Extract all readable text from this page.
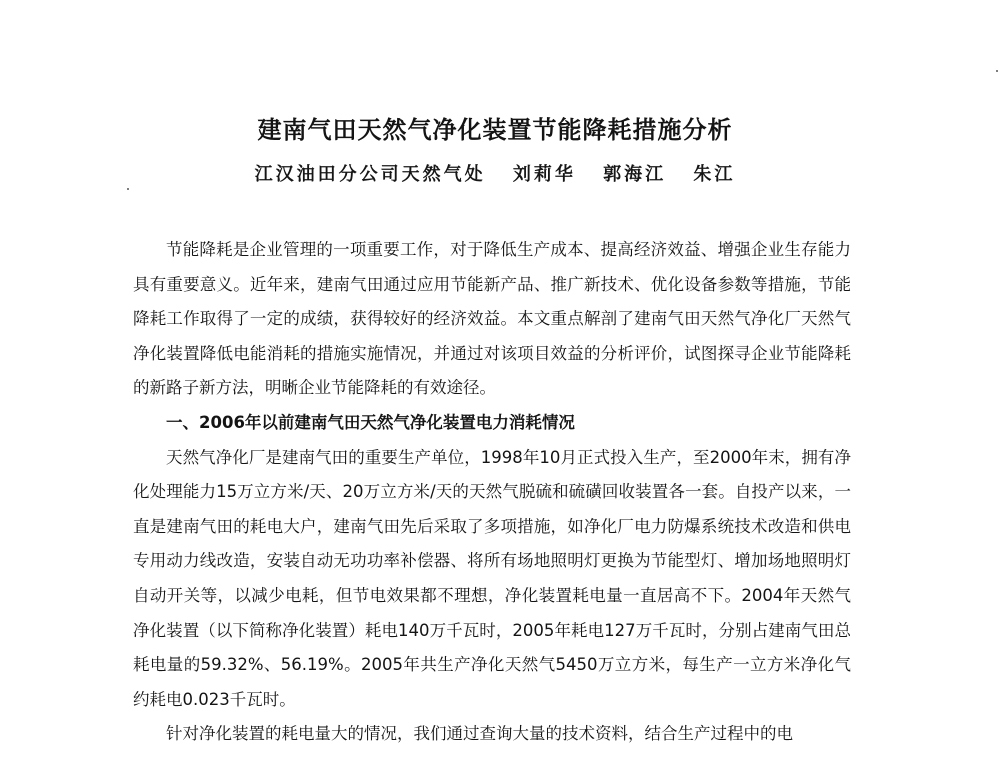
建南气田天然气净化装置节能降耗措施分析
江汉油田分公司天然气处 刘莉华 郭海江 朱江

节能降耗是企业管理的一项重要工作，对于降低生产成本、提高经济效益、增强企业生存能力具有重要意义。近年来，建南气田通过应用节能新产品、推广新技术、优化设备参数等措施，节能降耗工作取得了一定的成绩，获得较好的经济效益。本文重点解剖了建南气田天然气净化厂天然气净化装置降低电能消耗的措施实施情况，并通过对该项目效益的分析评价，试图探寻企业节能降耗的新路子新方法，明晰企业节能降耗的有效途径。

一、2006年以前建南气田天然气净化装置电力消耗情况

天然气净化厂是建南气田的重要生产单位，1998年10月正式投入生产，至2000年末，拥有净化处理能力15万立方米/天、20万立方米/天的天然气脱硫和硫磺回收装置各一套。自投产以来，一直是建南气田的耗电大户，建南气田先后采取了多项措施，如净化厂电力防爆系统技术改造和供电专用动力线改造，安装自动无功功率补偿器、将所有场地照明灯更换为节能型灯、增加场地照明灯自动开关等，以减少电耗，但节电效果都不理想，净化装置耗电量一直居高不下。2004年天然气净化装置（以下简称净化装置）耗电140万千瓦时，2005年耗电127万千瓦时，分别占建南气田总耗电量的59.32%、56.19%。2005年共生产净化天然气5450万立方米，每生产一立方米净化气约耗电0.023千瓦时。

针对净化装置的耗电量大的情况，我们通过查询大量的技术资料，结合生产过程中的电
